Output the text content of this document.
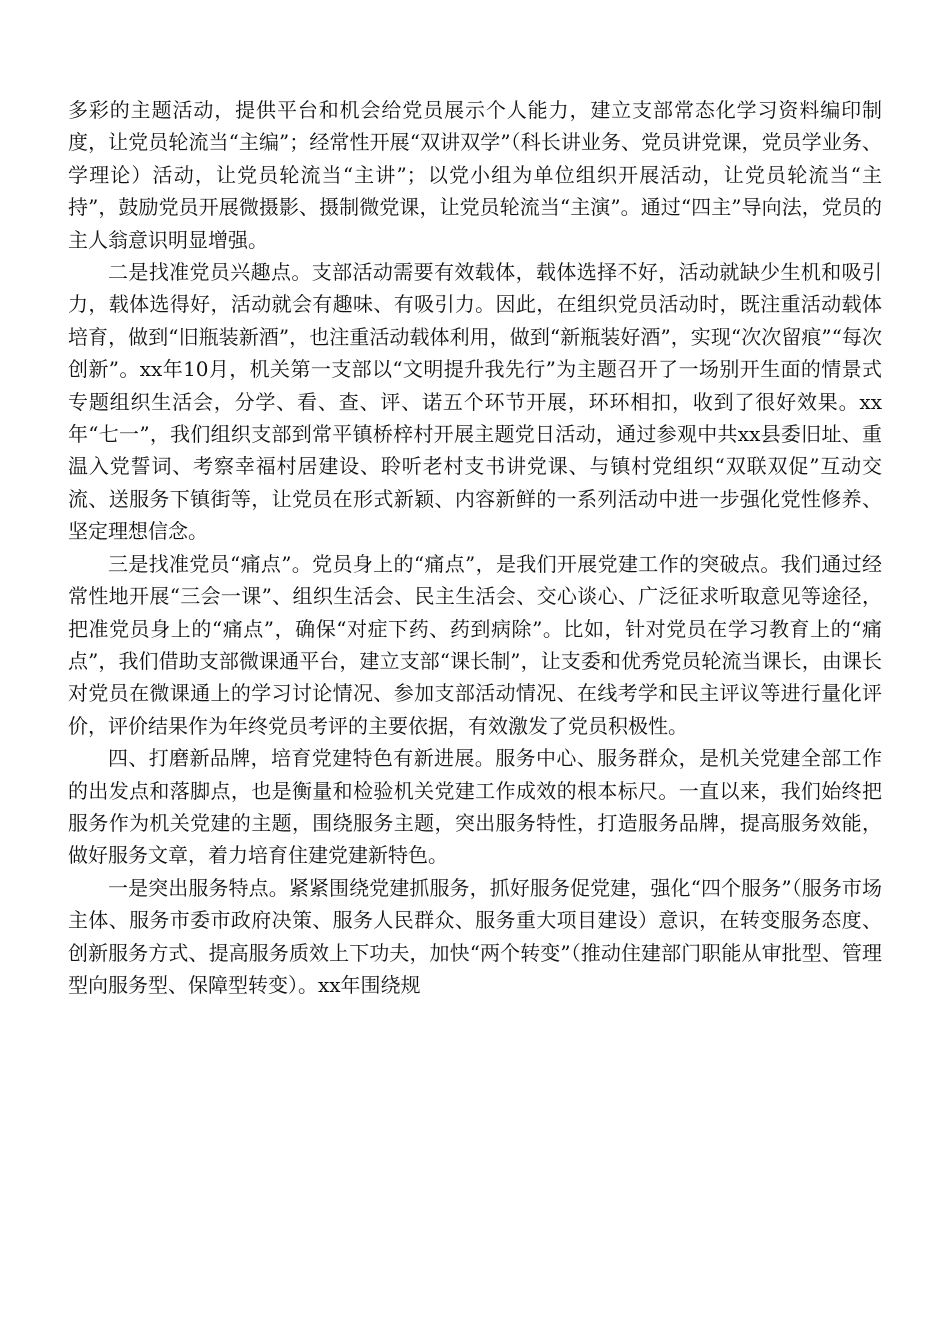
多彩的主题活动，提供平台和机会给党员展示个人能力，建立支部常态化学习资料编印制度，让党员轮流当“主编”；经常性开展“双讲双学”（科长讲业务、党员讲党课，党员学业务、学理论）活动，让党员轮流当“主讲”；以党小组为单位组织开展活动，让党员轮流当“主持”，鼓励党员开展微摄影、摄制微党课，让党员轮流当“主演”。通过“四主”导向法，党员的主人翁意识明显增强。

二是找准党员兴趣点。支部活动需要有效载体，载体选择不好，活动就缺少生机和吸引力，载体选得好，活动就会有趣味、有吸引力。因此，在组织党员活动时，既注重活动载体培育，做到“旧瓶装新酒”，也注重活动载体利用，做到“新瓶装好酒”，实现“次次留痕”“每次创新”。xx年10月，机关第一支部以“文明提升我先行”为主题召开了一场别开生面的情景式专题组织生活会，分学、看、查、评、诺五个环节开展，环环相扣，收到了很好效果。xx年“七一”，我们组织支部到常平镇桥梓村开展主题党日活动，通过参观中共xx县委旧址、重温入党誓词、考察幸福村居建设、聆听老村支书讲党课、与镇村党组织“双联双促”互动交流、送服务下镇街等，让党员在形式新颖、内容新鲜的一系列活动中进一步强化党性修养、坚定理想信念。

三是找准党员“痛点”。党员身上的“痛点”，是我们开展党建工作的突破点。我们通过经常性地开展“三会一课”、组织生活会、民主生活会、交心谈心、广泛征求听取意见等途径，把准党员身上的“痛点”，确保“对症下药、药到病除”。比如，针对党员在学习教育上的“痛点”，我们借助支部微课通平台，建立支部“课长制”，让支委和优秀党员轮流当课长，由课长对党员在微课通上的学习讨论情况、参加支部活动情况、在线考学和民主评议等进行量化评价，评价结果作为年终党员考评的主要依据，有效激发了党员积极性。

四、打磨新品牌，培育党建特色有新进展。服务中心、服务群众，是机关党建全部工作的出发点和落脚点，也是衡量和检验机关党建工作成效的根本标尺。一直以来，我们始终把服务作为机关党建的主题，围绕服务主题，突出服务特性，打造服务品牌，提高服务效能，做好服务文章，着力培育住建党建新特色。

一是突出服务特点。紧紧围绕党建抓服务，抓好服务促党建，强化“四个服务”（服务市场主体、服务市委市政府决策、服务人民群众、服务重大项目建设）意识，在转变服务态度、创新服务方式、提高服务质效上下功夫，加快“两个转变”（推动住建部门职能从审批型、管理型向服务型、保障型转变）。xx年围绕规
